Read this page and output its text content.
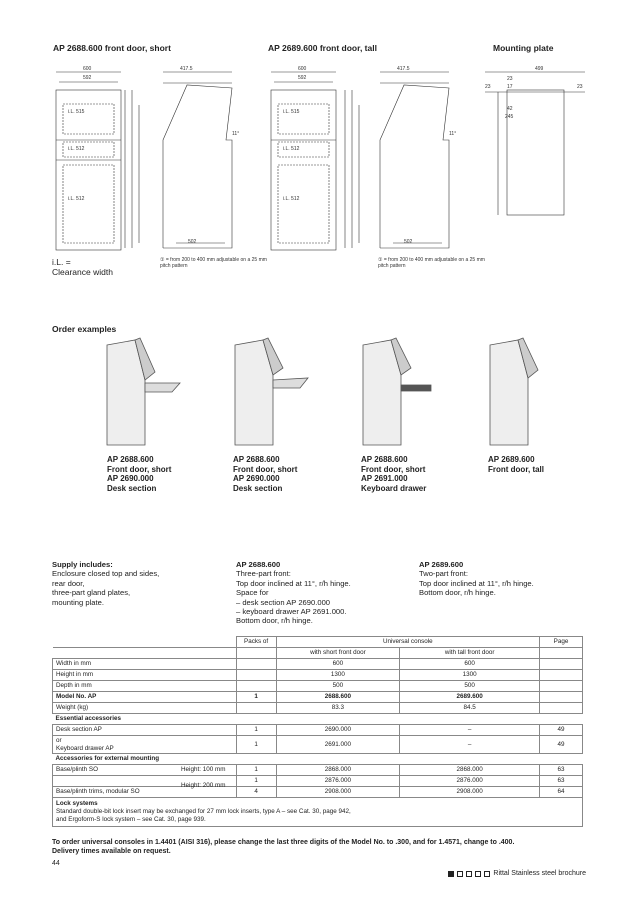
AP 2688.600 front door, short	AP 2689.600 front door, tall	Mounting plate
600
592
i.L. 515
i.L. 512
i.L. 512
417.5
502
11°
600
592
i.L. 515
i.L. 512
i.L. 512
417.5
502
11°
499
23
23
17
42
245
23
i.L. =
Clearance width
① = from 200 to 400 mm adjustable on a 25 mm pitch pattern
① = from 200 to 400 mm adjustable on a 25 mm pitch pattern
Order examples
AP 2688.600
Front door, short
AP 2690.000
Desk section
AP 2688.600
Front door, short
AP 2690.000
Desk section
AP 2688.600
Front door, short
AP 2691.000
Keyboard drawer
AP 2689.600
Front door, tall
Supply includes:
Enclosure closed top and sides,
rear door,
three-part gland plates,
mounting plate.
AP 2688.600
Three-part front:
Top door inclined at 11°, r/h hinge.
Space for
– desk section AP 2690.000
– keyboard drawer AP 2691.000.
Bottom door, r/h hinge.
AP 2689.600
Two-part front:
Top door inclined at 11°, r/h hinge.
Bottom door, r/h hinge.
	Packs of	Universal console		Page
		with short front door	with tall front door	
Width in mm		600	600	
Height in mm		1300	1300	
Depth in mm		500	500	
Model No. AP	1	2688.600	2689.600	
Weight (kg)		83.3	84.5	
Essential accessories				
Desk section AP	1	2690.000	–	49

or
Keyboard drawer AP	1	2691.000	–	49
Accessories for external mounting				
Base/plinth SO Height: 100 mm	1	2868.000	2868.000	63

Height: 200 mm	1	2876.000	2876.000	63
Base/plinth trims, modular SO	4	2908.000	2908.000	64

Lock systems
Standard double-bit lock insert may be exchanged for 27 mm lock inserts, type A – see Cat. 30, page 942,
and Ergoform-S lock system – see Cat. 30, page 939.				
To order universal consoles in 1.4401 (AISI 316), please change the last three digits of the Model No. to .300, and for 1.4571, change to .400.
Delivery times available on request.
44
Rittal Stainless steel brochure
